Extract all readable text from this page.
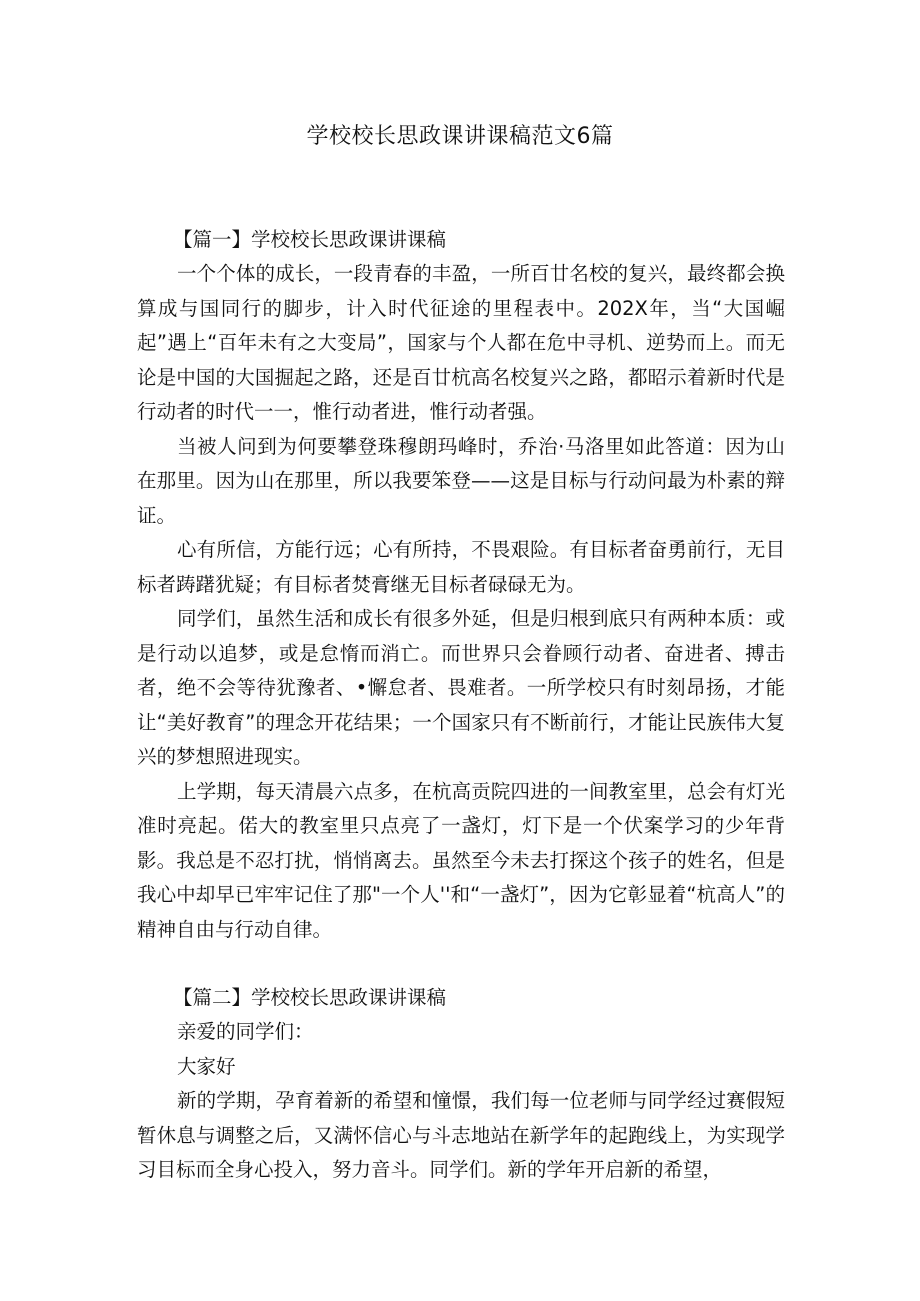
学校校长思政课讲课稿范文6篇
【篇一】学校校长思政课讲课稿

一个个体的成长，一段青春的丰盈，一所百廿名校的复兴，最终都会换算成与国同行的脚步，计入时代征途的里程表中。202X年，当“大国崛起”遇上“百年未有之大变局”，国家与个人都在危中寻机、逆势而上。而无论是中国的大国掘起之路，还是百廿杭高名校复兴之路，都昭示着新时代是行动者的时代一一，惟行动者进，惟行动者强。

当被人问到为何要攀登珠穆朗玛峰时，乔治·马洛里如此答道：因为山在那里。因为山在那里，所以我要笨登——这是目标与行动问最为朴素的辩证。

心有所信，方能行远；心有所持，不畏艰险。有目标者奋勇前行，无目标者踌躇犹疑；有目标者焚膏继无目标者碌碌无为。

同学们，虽然生活和成长有很多外延，但是归根到底只有两种本质：或是行动以追梦，或是怠惰而消亡。而世界只会眷顾行动者、奋进者、搏击者，绝不会等待犹豫者、•懈怠者、畏难者。一所学校只有时刻昂扬，才能让“美好教育”的理念开花结果；一个国家只有不断前行，才能让民族伟大复兴的梦想照进现实。

上学期，每天清晨六点多，在杭高贡院四进的一间教室里，总会有灯光准时亮起。偌大的教室里只点亮了一盏灯，灯下是一个伏案学习的少年背影。我总是不忍打扰，悄悄离去。虽然至今未去打探这个孩子的姓名，但是我心中却早已牢牢记住了那"一个人''和“一盏灯”，因为它彰显着“杭高人”的精神自由与行动自律。

【篇二】学校校长思政课讲课稿

亲爱的同学们：

大家好

新的学期，孕育着新的希望和憧憬，我们每一位老师与同学经过赛假短暂休息与调整之后，又满怀信心与斗志地站在新学年的起跑线上，为实现学习目标而全身心投入，努力音斗。同学们。新的学年开启新的希望，
